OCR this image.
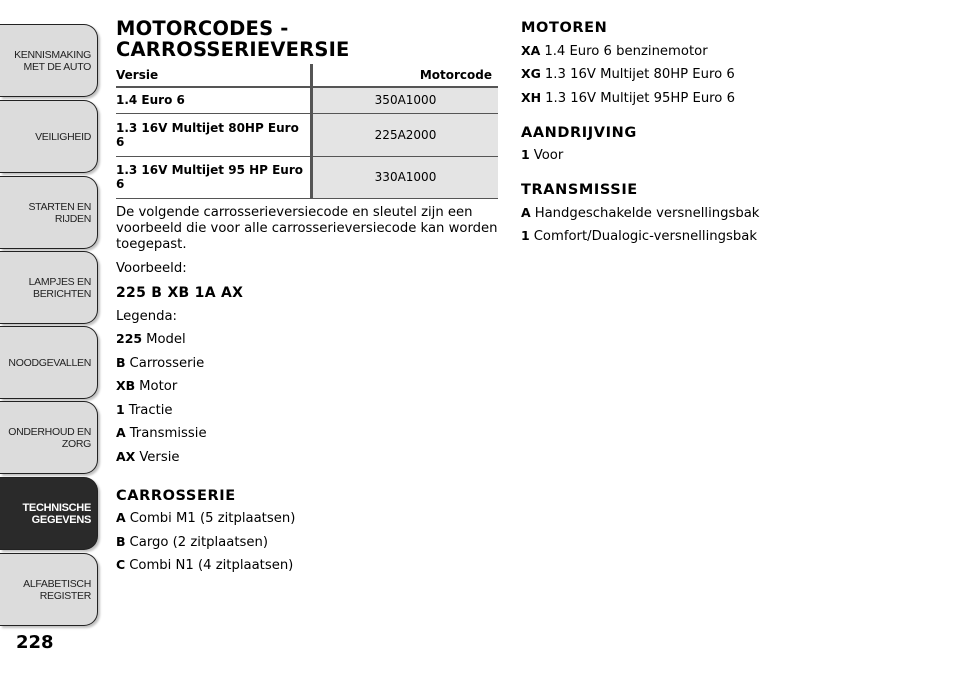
KENNISMAKING
MET DE AUTO
VEILIGHEID
STARTEN EN RIJDEN
LAMPJES EN
BERICHTEN
NOODGEVALLEN
ONDERHOUD EN
ZORG
TECHNISCHE
GEGEVENS
ALFABETISCH
REGISTER
228
MOTORCODES -
CARROSSERIEVERSIE
Versie		Motorcode
1.4 Euro 6		350A1000
1.3 16V Multijet 80HP Euro 6		225A2000
1.3 16V Multijet 95 HP Euro 6		330A1000

De volgende carrosserieversiecode en sleutel zijn een voorbeeld die voor alle carrosserieversiecode kan worden toegepast.

Voorbeeld:

225 B XB 1A AX

Legenda:

225 Model
B Carrosserie
XB Motor
1 Tractie
A Transmissie
AX Versie
CARROSSERIE
A Combi M1 (5 zitplaatsen)
B Cargo (2 zitplaatsen)
C Combi N1 (4 zitplaatsen)
MOTOREN
XA 1.4 Euro 6 benzinemotor
XG 1.3 16V Multijet 80HP Euro 6
XH 1.3 16V Multijet 95HP Euro 6
AANDRIJVING
1 Voor
TRANSMISSIE
A Handgeschakelde versnellingsbak
1 Comfort/Dualogic-versnellingsbak
